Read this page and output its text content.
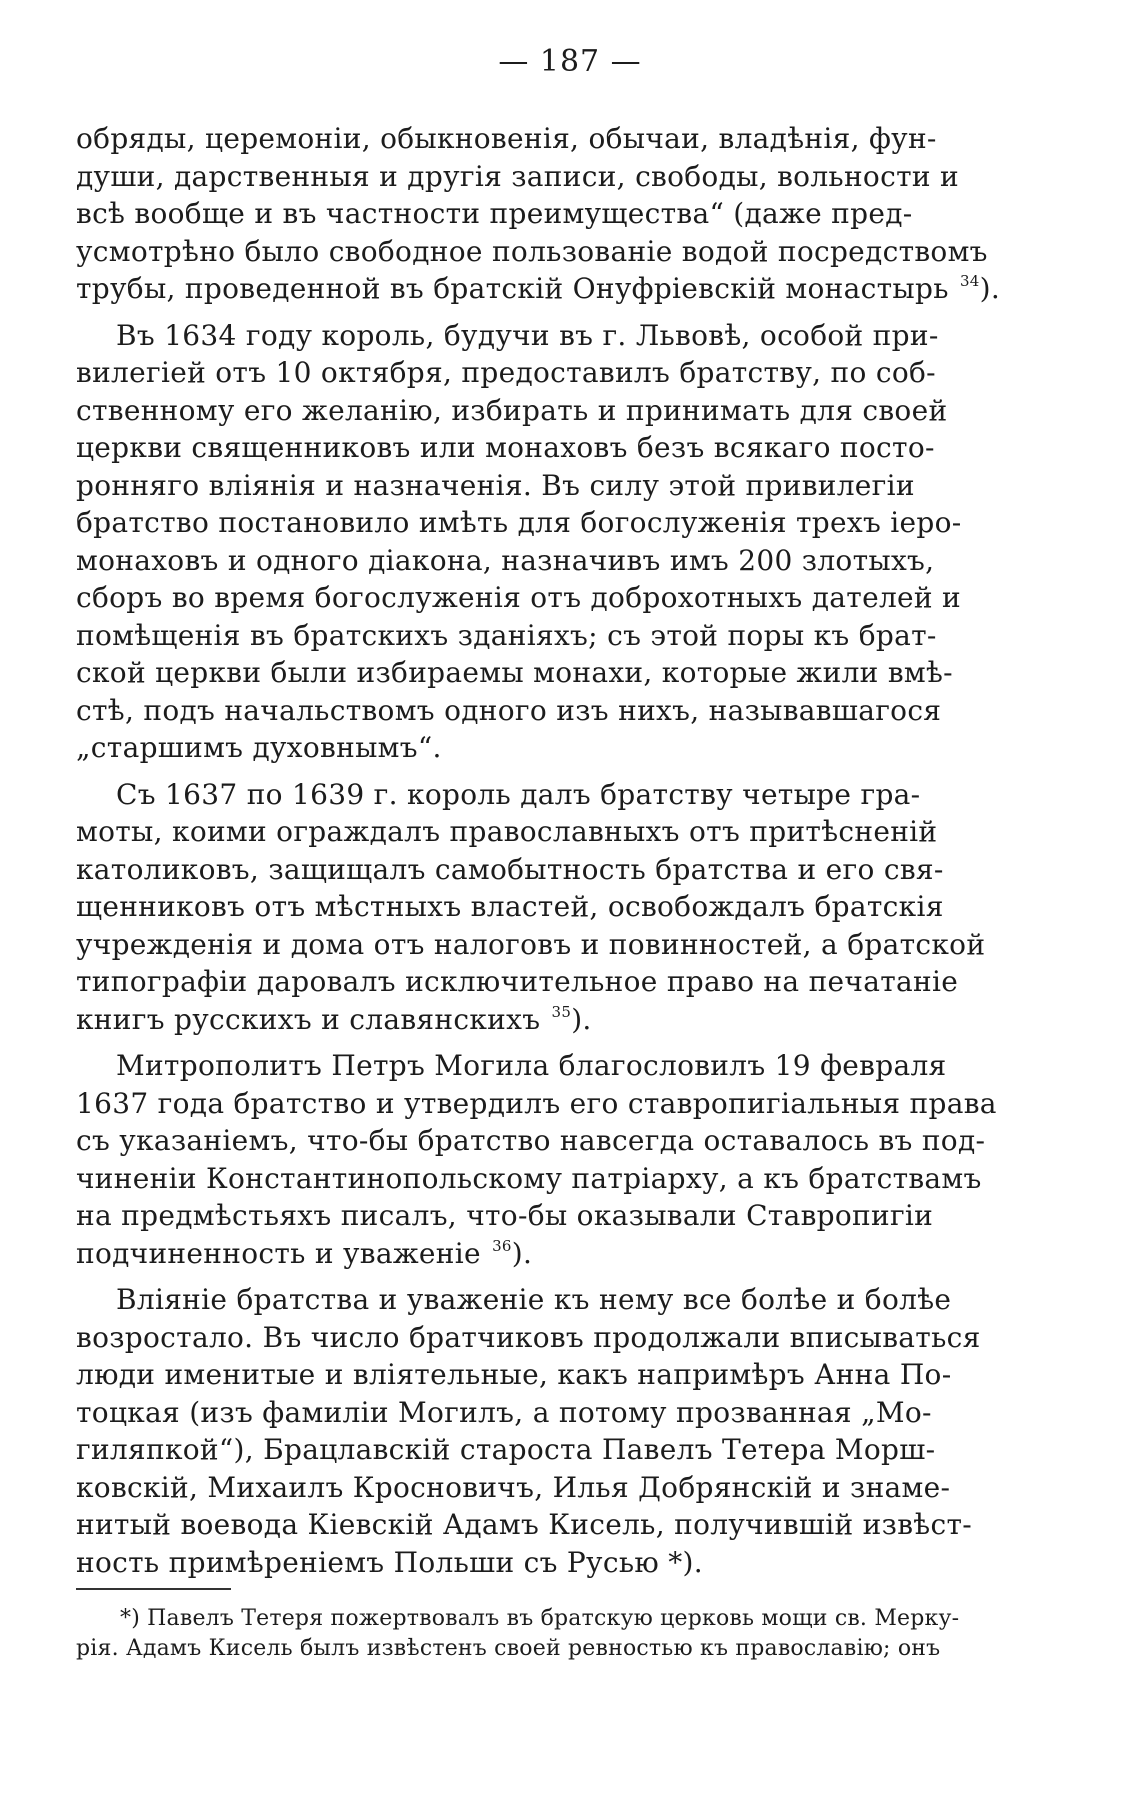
— 187 —
обряды, церемоніи, обыкновенія, обычаи, владѣнія, фун-
души, дарственныя и другія записи, свободы, вольности и
всѣ вообще и въ частности преимущества“ (даже пред-
усмотрѣно было свободное пользованіе водой посредствомъ
трубы, проведенной въ братскій Онуфріевскій монастырь $^{34}$).
Въ 1634 году король, будучи въ г. Львовѣ, особой при-
вилегіей отъ 10 октября, предоставилъ братству, по соб-
ственному его желанію, избирать и принимать для своей
церкви священниковъ или монаховъ безъ всякаго посто-
ронняго вліянія и назначенія. Въ силу этой привилегіи
братство постановило имѣть для богослуженія трехъ іеро-
монаховъ и одного діакона, назначивъ имъ 200 злотыхъ,
сборъ во время богослуженія отъ доброхотныхъ дателей и
помѣщенія въ братскихъ зданіяхъ; съ этой поры къ брат-
ской церкви были избираемы монахи, которые жили вмѣ-
стѣ, подъ начальствомъ одного изъ нихъ, называвшагося
„старшимъ духовнымъ“.
Съ 1637 по 1639 г. король далъ братству четыре гра-
моты, коими ограждалъ православныхъ отъ притѣсненій
католиковъ, защищалъ самобытность братства и его свя-
щенниковъ отъ мѣстныхъ властей, освобождалъ братскія
учрежденія и дома отъ налоговъ и повинностей, а братской
типографіи даровалъ исключительное право на печатаніе
книгъ русскихъ и славянскихъ $^{35}$).
Митрополитъ Петръ Могила благословилъ 19 февраля
1637 года братство и утвердилъ его ставропигіальныя права
съ указаніемъ, что-бы братство навсегда оставалось въ под-
чиненіи Константинопольскому патріарху, а къ братствамъ
на предмѣстьяхъ писалъ, что-бы оказывали Ставропигіи
подчиненность и уваженіе $^{36}$).
Вліяніе братства и уваженіе къ нему все болѣе и болѣе
возростало. Въ число братчиковъ продолжали вписываться
люди именитые и вліятельные, какъ напримѣръ Анна По-
тоцкая (изъ фамиліи Могилъ, а потому прозванная „Мо-
гиляпкой“), Брацлавскій староста Павелъ Тетера Морш-
ковскій, Михаилъ Кросновичъ, Илья Добрянскій и знаме-
нитый воевода Кіевскій Адамъ Кисель, получившій извѣст-
ность примѣреніемъ Польши съ Русью *).
*) Павелъ Тетеря пожертвовалъ въ братскую церковь мощи св. Мерку-
рія. Адамъ Кисель былъ извѣстенъ своей ревностью къ православію; онъ
